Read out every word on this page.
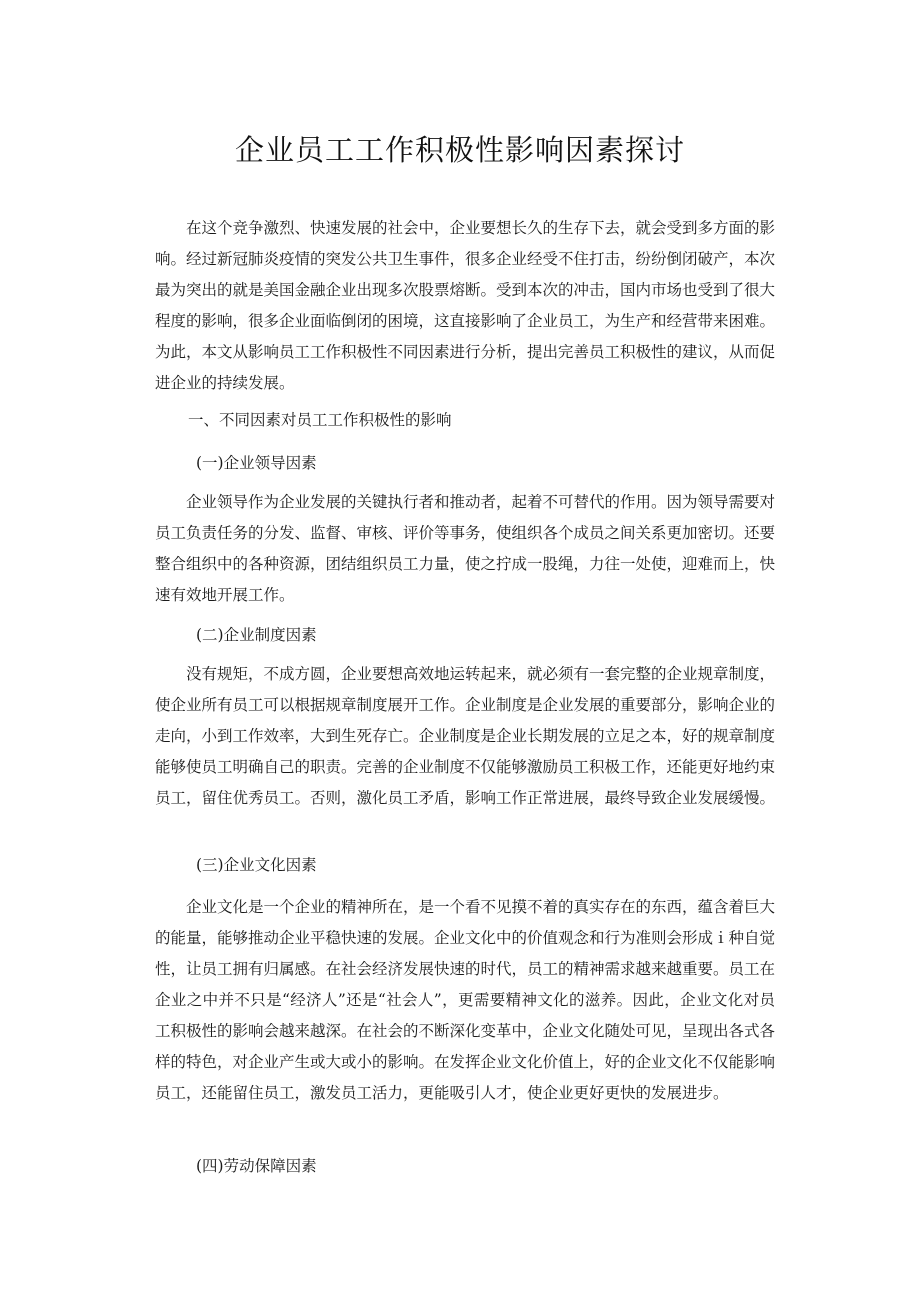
企业员工工作积极性影响因素探讨

在这个竞争激烈、快速发展的社会中，企业要想长久的生存下去，就会受到多方面的影响。经过新冠肺炎疫情的突发公共卫生事件，很多企业经受不住打击，纷纷倒闭破产，本次最为突出的就是美国金融企业出现多次股票熔断。受到本次的冲击，国内市场也受到了很大程度的影响，很多企业面临倒闭的困境，这直接影响了企业员工，为生产和经营带来困难。为此，本文从影响员工工作积极性不同因素进行分析，提出完善员工积极性的建议，从而促进企业的持续发展。

一、不同因素对员工工作积极性的影响

(一)企业领导因素

企业领导作为企业发展的关键执行者和推动者，起着不可替代的作用。因为领导需要对员工负责任务的分发、监督、审核、评价等事务，使组织各个成员之间关系更加密切。还要整合组织中的各种资源，团结组织员工力量，使之拧成一股绳，力往一处使，迎难而上，快速有效地开展工作。

(二)企业制度因素

没有规矩，不成方圆，企业要想高效地运转起来，就必须有一套完整的企业规章制度，使企业所有员工可以根据规章制度展开工作。企业制度是企业发展的重要部分，影响企业的走向，小到工作效率，大到生死存亡。企业制度是企业长期发展的立足之本，好的规章制度能够使员工明确自己的职责。完善的企业制度不仅能够激励员工积极工作，还能更好地约束员工，留住优秀员工。否则，激化员工矛盾，影响工作正常进展，最终导致企业发展缓慢。

(三)企业文化因素

企业文化是一个企业的精神所在，是一个看不见摸不着的真实存在的东西，蕴含着巨大的能量，能够推动企业平稳快速的发展。企业文化中的价值观念和行为准则会形成ｉ种自觉性，让员工拥有归属感。在社会经济发展快速的时代，员工的精神需求越来越重要。员工在企业之中并不只是“经济人”还是“社会人”，更需要精神文化的滋养。因此，企业文化对员工积极性的影响会越来越深。在社会的不断深化变革中，企业文化随处可见，呈现出各式各样的特色，对企业产生或大或小的影响。在发挥企业文化价值上，好的企业文化不仅能影响员工，还能留住员工，激发员工活力，更能吸引人才，使企业更好更快的发展进步。

(四)劳动保障因素
